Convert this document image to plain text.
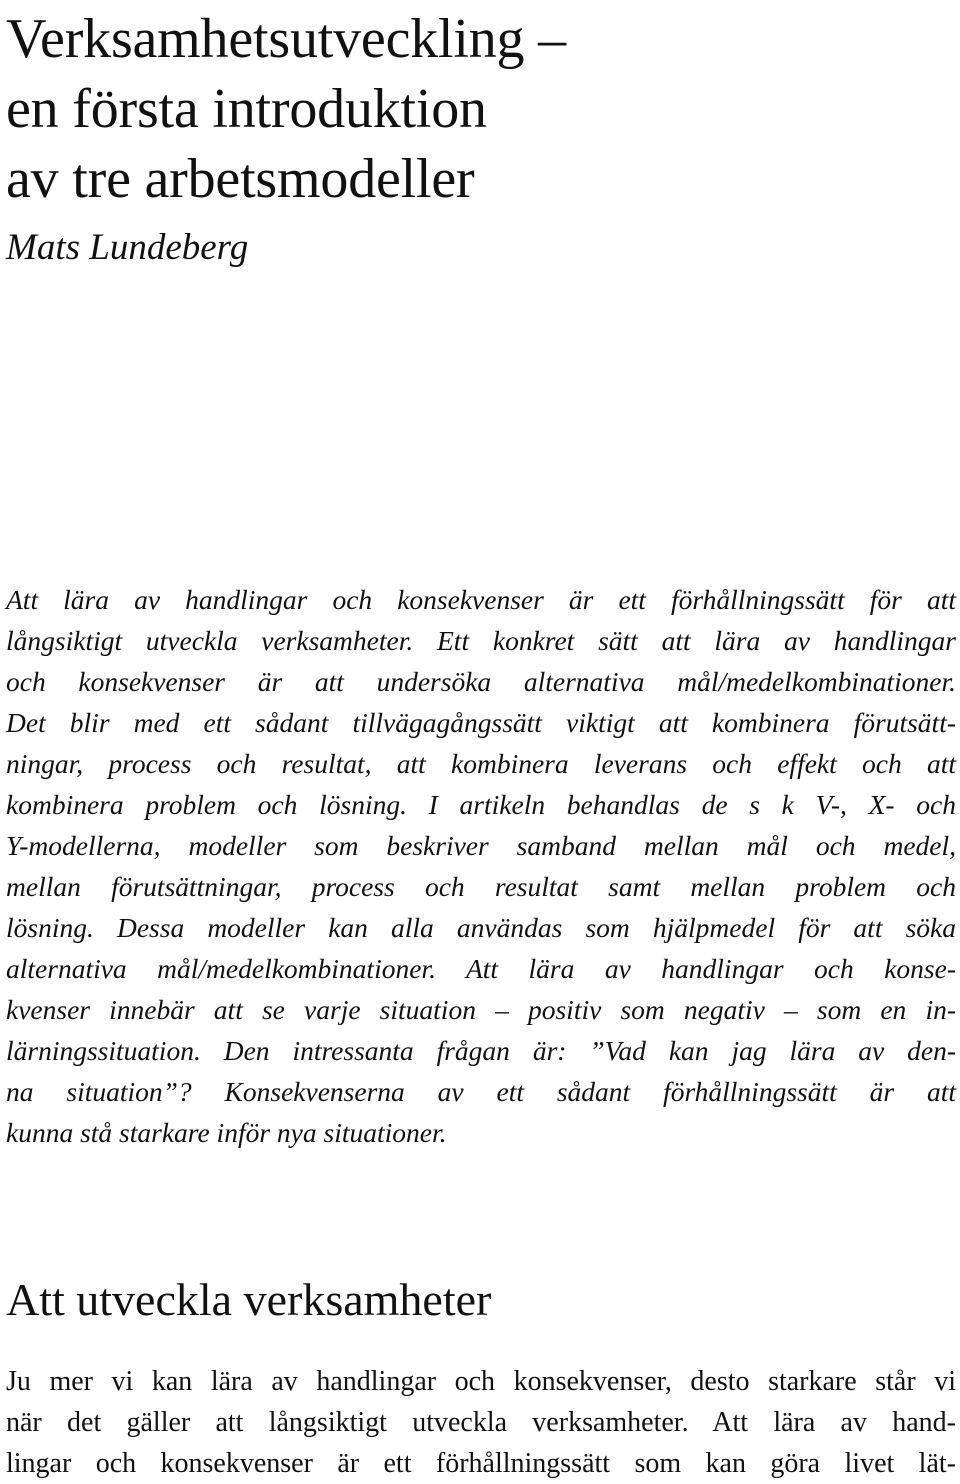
Verksamhetsutveckling –
en första introduktion
av tre arbetsmodeller

Mats Lundeberg

Att lära av handlingar och konsekvenser är ett förhållningssätt för att
långsiktigt utveckla verksamheter. Ett konkret sätt att lära av handlingar
och konsekvenser är att undersöka alternativa mål/medelkombinationer.
Det blir med ett sådant tillvägagångssätt viktigt att kombinera förutsätt-
ningar, process och resultat, att kombinera leverans och effekt och att
kombinera problem och lösning. I artikeln behandlas de s k V-, X- och
Y-modellerna, modeller som beskriver samband mellan mål och medel,
mellan förutsättningar, process och resultat samt mellan problem och
lösning. Dessa modeller kan alla användas som hjälpmedel för att söka
alternativa mål/medelkombinationer. Att lära av handlingar och konse-
kvenser innebär att se varje situation – positiv som negativ – som en in-
lärningssituation. Den intressanta frågan är: ”Vad kan jag lära av den-
na situation”? Konsekvenserna av ett sådant förhållningssätt är att
kunna stå starkare inför nya situationer.

Att utveckla verksamheter

Ju mer vi kan lära av handlingar och konsekvenser, desto starkare står vi
när det gäller att långsiktigt utveckla verksamheter. Att lära av hand-
lingar och konsekvenser är ett förhållningssätt som kan göra livet lät-
